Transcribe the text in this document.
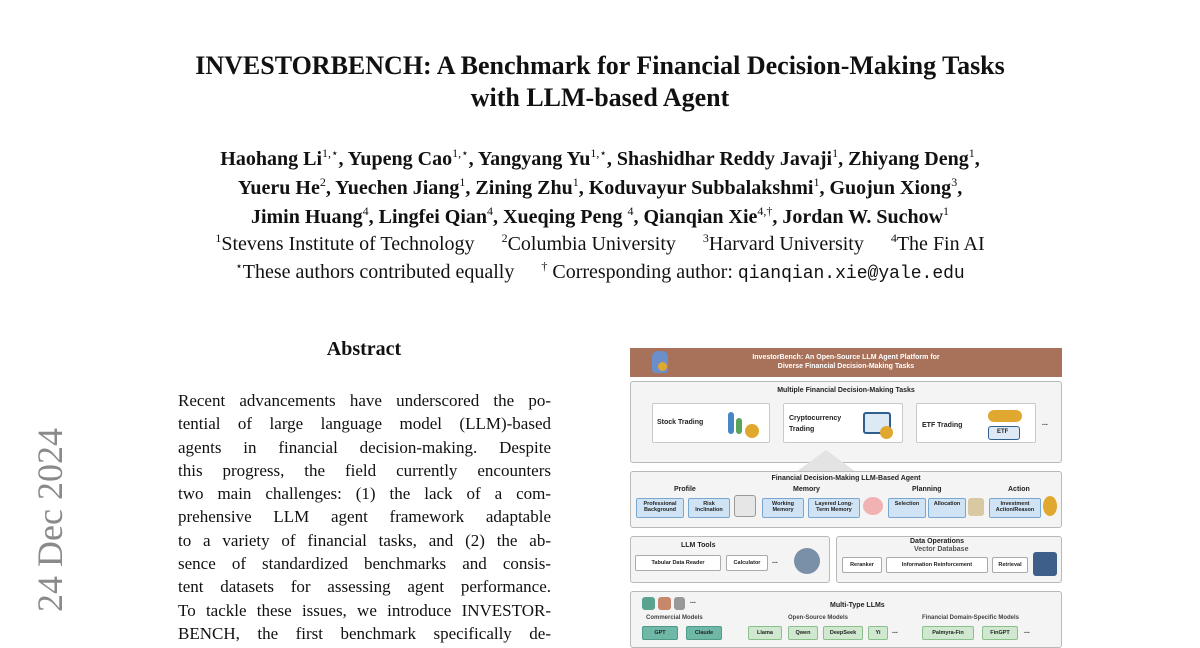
INVESTORBENCH: A Benchmark for Financial Decision-Making Tasks
with LLM-based Agent
Haohang $Li^{1,⋆}$, Yupeng Cao$^{1,⋆}$, Yangyang $Yu^{1,⋆}$, Shashidhar Reddy Javaji$^1$, Zhiyang Deng$^1$,
Yueru He$^2$, Yuechen Jiang$^1$, Zining Zhu$^1$, Koduvayur Subbalakshmi$^1$, Guojun Xiong$^3$,
Jimin Huang$^4$, Lingfei Qian$^4$, Xueqing Peng $^4$, Qianqian Xie$^{4,\dagger}$, Jordan W. Suchow$^1$
$^1$Stevens Institute of Technology $^2$Columbia University $^3$Harvard University $^4$The Fin AI
⋆These authors contributed equally † Corresponding author: qianqian.xie@yale.edu
24 Dec 2024
Abstract
Recent advancements have underscored the po-
tential of large language model (LLM)-based
agents in financial decision-making. Despite
this progress, the field currently encounters
two main challenges: (1) the lack of a com-
prehensive LLM agent framework adaptable
to a variety of financial tasks, and (2) the ab-
sence of standardized benchmarks and consis-
tent datasets for assessing agent performance.
To tackle these issues, we introduce INVESTOR-
BENCH, the first benchmark specifically de-
InvestorBench: An Open-Source LLM Agent Platform for
Diverse Financial Decision-Making Tasks
Multiple Financial Decision-Making Tasks
Stock Trading
Cryptocurrency
Trading
ETF Trading
ETF
...
Financial Decision-Making LLM-Based Agent
Profile
Professional Background
Risk Inclination
Memory
Working Memory
Layered Long-Term Memory
Planning
Selection	Allocation
Action
Investment Action/Reason
LLM Tools
Tabular Data Reader	Calculator	...
Data Operations
Vector Database
Reranker	Information Reinforcement	Retrieval
...
Multi-Type LLMs
Commercial Models
GPT	Claude
Open-Source Models
Llama	Qwen	DeepSeek	Yi	...
Financial Domain-Specific Models
Palmyra-Fin	FinGPT	...
